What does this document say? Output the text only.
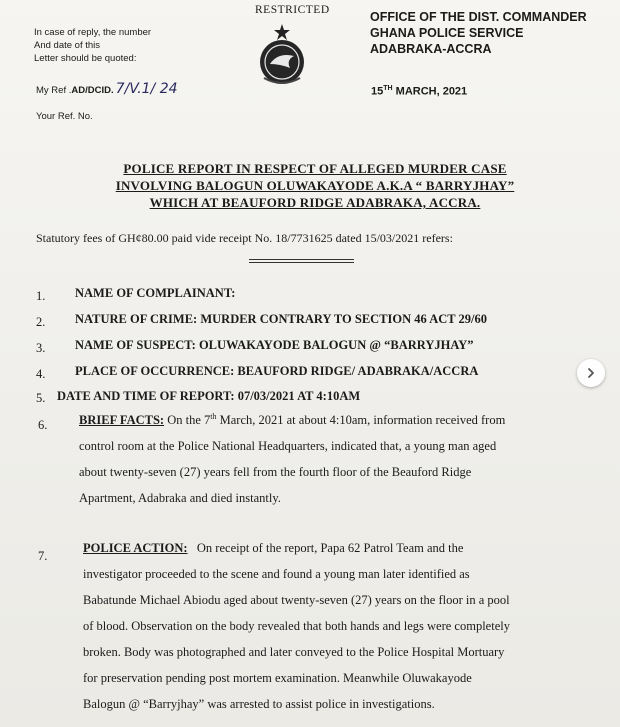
RESTRICTED
In case of reply, the number
And date of this
Letter should be quoted:
My Ref .AD/DCID. 7/V.1/ 24
Your Ref. No.
OFFICE OF THE DIST. COMMANDER
GHANA POLICE SERVICE
ADABRAKA-ACCRA
15TH MARCH, 2021
POLICE REPORT IN RESPECT OF ALLEGED MURDER CASE
INVOLVING BALOGUN OLUWAKAYODE A.K.A “ BARRYJHAY”
WHICH AT BEAUFORD RIDGE ADABRAKA, ACCRA.
Statutory fees of GH¢80.00 paid vide receipt No. 18/7731625 dated 15/03/2021 refers:
1. NAME OF COMPLAINANT:
2. NATURE OF CRIME: MURDER CONTRARY TO SECTION 46 ACT 29/60
3. NAME OF SUSPECT: OLUWAKAYODE BALOGUN @ “BARRYJHAY”
4. PLACE OF OCCURRENCE: BEAUFORD RIDGE/ ADABRAKA/ACCRA
5. DATE AND TIME OF REPORT: 07/03/2021 AT 4:10AM
6.	BRIEF FACTS: On the 7th March, 2021 at about 4:10am, information received from
control room at the Police National Headquarters, indicated that, a young man aged
about twenty-seven (27) years fell from the fourth floor of the Beauford Ridge
Apartment, Adabraka and died instantly.
7.
POLICE ACTION: On receipt of the report, Papa 62 Patrol Team and the
investigator proceeded to the scene and found a young man later identified as
Babatunde Michael Abiodu aged about twenty-seven (27) years on the floor in a pool
of blood. Observation on the body revealed that both hands and legs were completely
broken. Body was photographed and later conveyed to the Police Hospital Mortuary
for preservation pending post mortem examination. Meanwhile Oluwakayode
Balogun @ “Barryjhay” was arrested to assist police in investigations.
